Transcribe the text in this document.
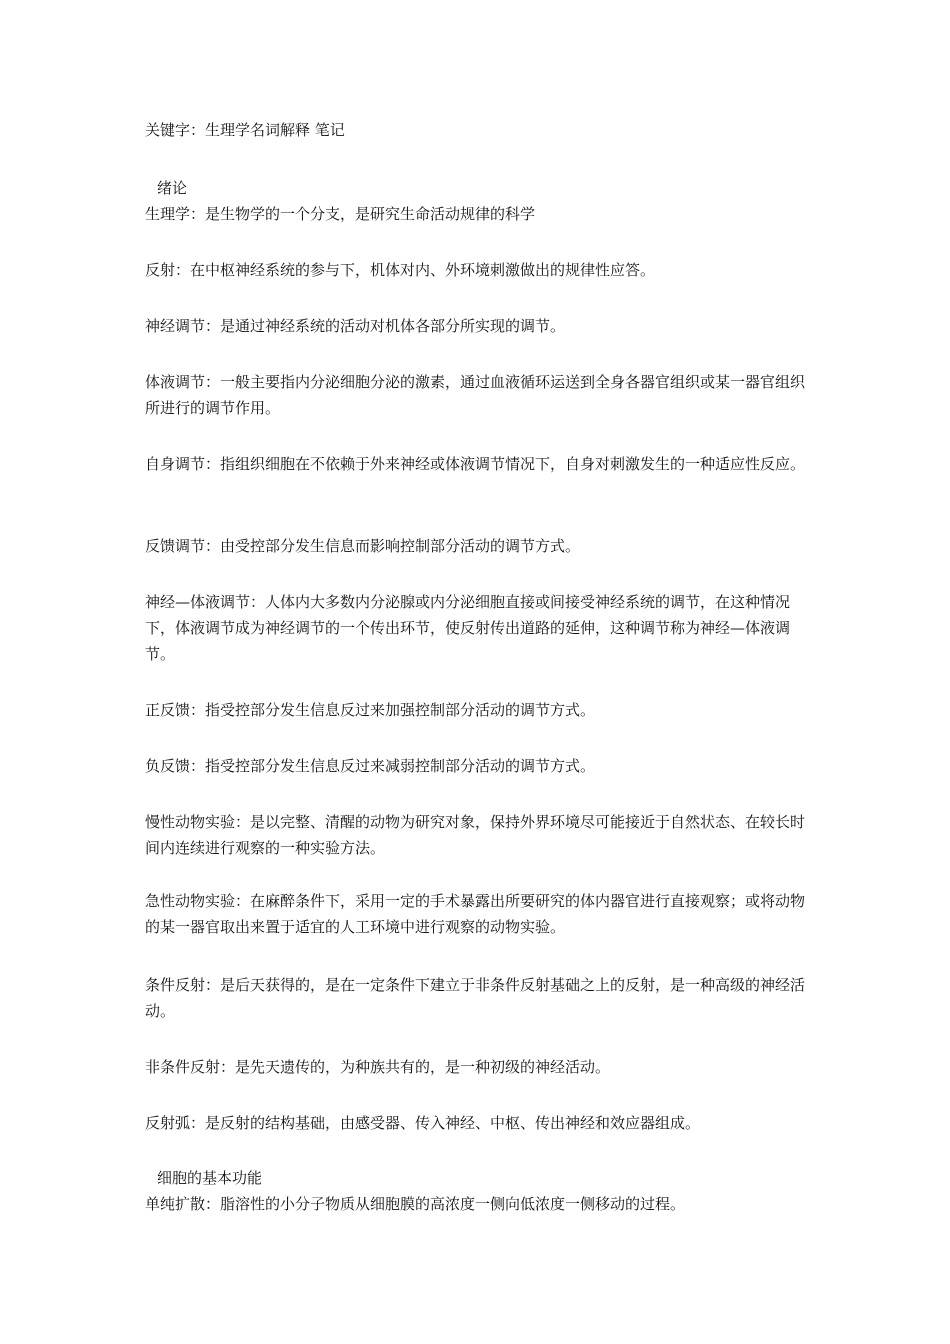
关键字：生理学名词解释 笔记

绪论

生理学：是生物学的一个分支，是研究生命活动规律的科学

反射：在中枢神经系统的参与下，机体对内、外环境刺激做出的规律性应答。

神经调节：是通过神经系统的活动对机体各部分所实现的调节。

体液调节：一般主要指内分泌细胞分泌的激素，通过血液循环运送到全身各器官组织或某一器官组织所进行的调节作用。

自身调节：指组织细胞在不依赖于外来神经或体液调节情况下，自身对刺激发生的一种适应性反应。

反馈调节：由受控部分发生信息而影响控制部分活动的调节方式。

神经—体液调节：人体内大多数内分泌腺或内分泌细胞直接或间接受神经系统的调节，在这种情况下，体液调节成为神经调节的一个传出环节，使反射传出道路的延伸，这种调节称为神经—体液调节。

正反馈：指受控部分发生信息反过来加强控制部分活动的调节方式。

负反馈：指受控部分发生信息反过来减弱控制部分活动的调节方式。

慢性动物实验：是以完整、清醒的动物为研究对象，保持外界环境尽可能接近于自然状态、在较长时间内连续进行观察的一种实验方法。

急性动物实验：在麻醉条件下，采用一定的手术暴露出所要研究的体内器官进行直接观察；或将动物的某一器官取出来置于适宜的人工环境中进行观察的动物实验。

条件反射：是后天获得的，是在一定条件下建立于非条件反射基础之上的反射，是一种高级的神经活动。

非条件反射：是先天遗传的，为种族共有的，是一种初级的神经活动。

反射弧：是反射的结构基础，由感受器、传入神经、中枢、传出神经和效应器组成。

细胞的基本功能

单纯扩散：脂溶性的小分子物质从细胞膜的高浓度一侧向低浓度一侧移动的过程。
